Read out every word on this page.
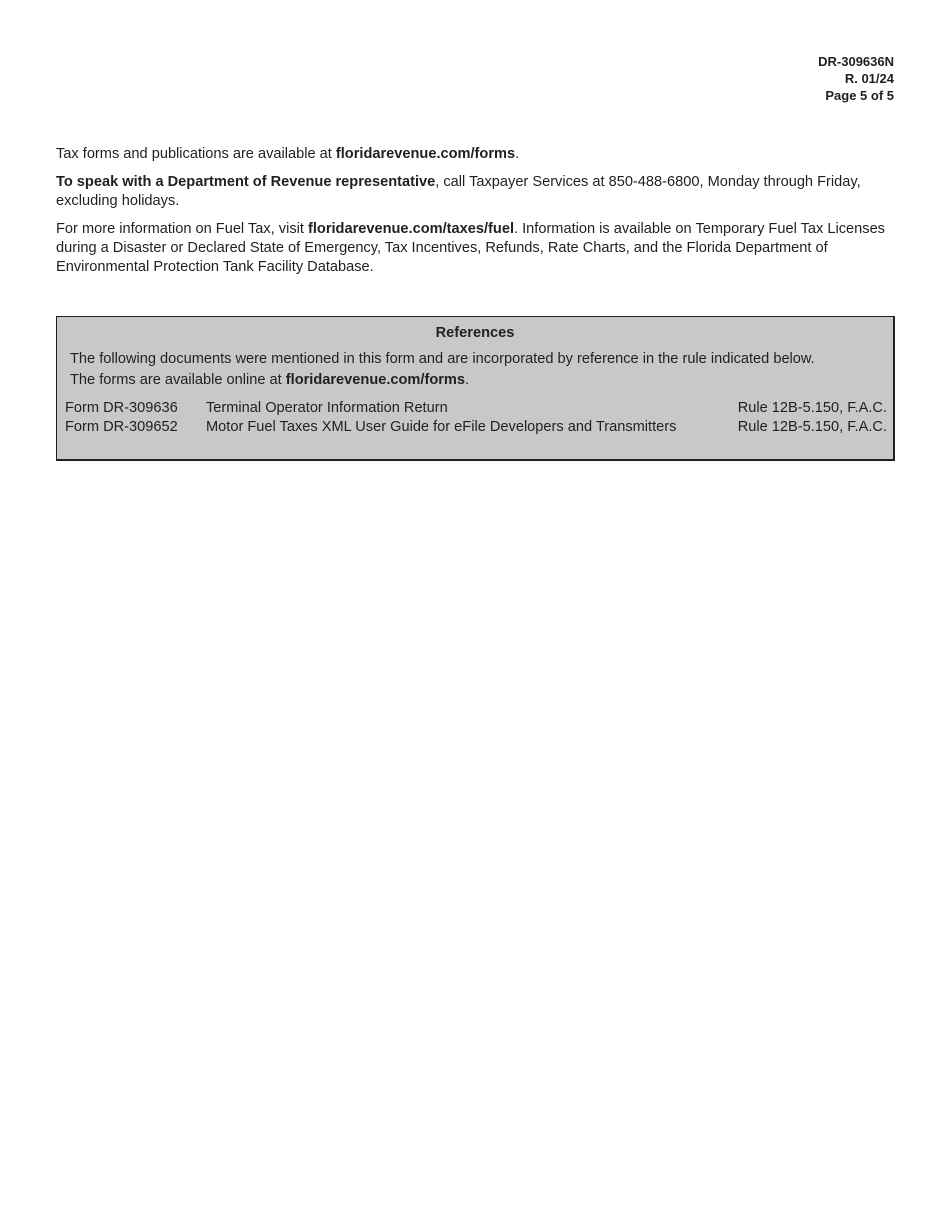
DR-309636N
R. 01/24
Page 5 of 5

Tax forms and publications are available at floridarevenue.com/forms.

To speak with a Department of Revenue representative, call Taxpayer Services at 850-488-6800, Monday through Friday, excluding holidays.

For more information on Fuel Tax, visit floridarevenue.com/taxes/fuel. Information is available on Temporary Fuel Tax Licenses during a Disaster or Declared State of Emergency, Tax Incentives, Refunds, Rate Charts, and the Florida Department of Environmental Protection Tank Facility Database.

References
The following documents were mentioned in this form and are incorporated by reference in the rule indicated below.
The forms are available online at floridarevenue.com/forms.
Form DR-309636	Terminal Operator Information Return	Rule 12B-5.150, F.A.C.
Form DR-309652	Motor Fuel Taxes XML User Guide for eFile Developers and Transmitters	Rule 12B-5.150, F.A.C.
